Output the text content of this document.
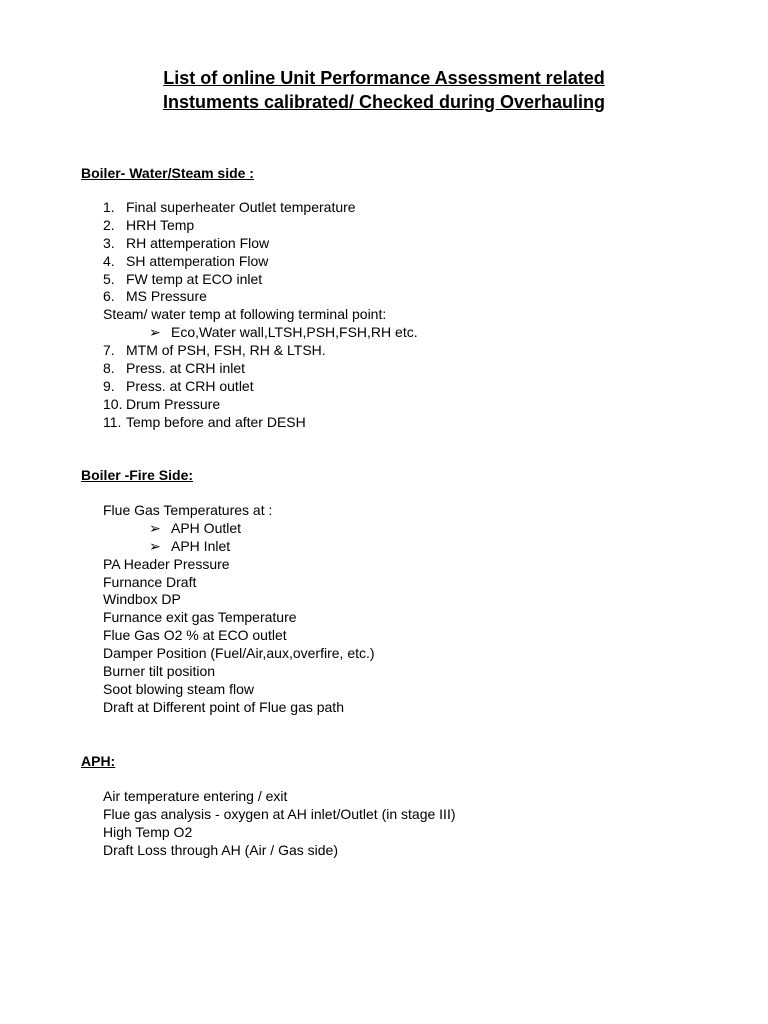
List of online Unit Performance Assessment related
Instuments calibrated/ Checked during Overhauling
Boiler- Water/Steam side :
1. Final superheater Outlet temperature
2. HRH Temp
3. RH attemperation Flow
4. SH attemperation Flow
5. FW temp at ECO inlet
6. MS Pressure
Steam/ water temp at following terminal point:
➢ Eco,Water wall,LTSH,PSH,FSH,RH etc.
7. MTM of PSH, FSH, RH & LTSH.
8. Press. at CRH inlet
9. Press. at CRH outlet
10. Drum Pressure
11. Temp before and after DESH
Boiler -Fire Side:
Flue Gas Temperatures at :
➢ APH Outlet
➢ APH Inlet
PA Header Pressure
Furnance Draft
Windbox DP
Furnance exit gas Temperature
Flue Gas O2 % at ECO outlet
Damper Position (Fuel/Air,aux,overfire, etc.)
Burner tilt position
Soot blowing steam flow
Draft at Different point of Flue gas path
APH:
Air temperature entering / exit
Flue gas analysis - oxygen at AH inlet/Outlet (in stage III)
High Temp O2
Draft Loss through AH (Air / Gas side)
